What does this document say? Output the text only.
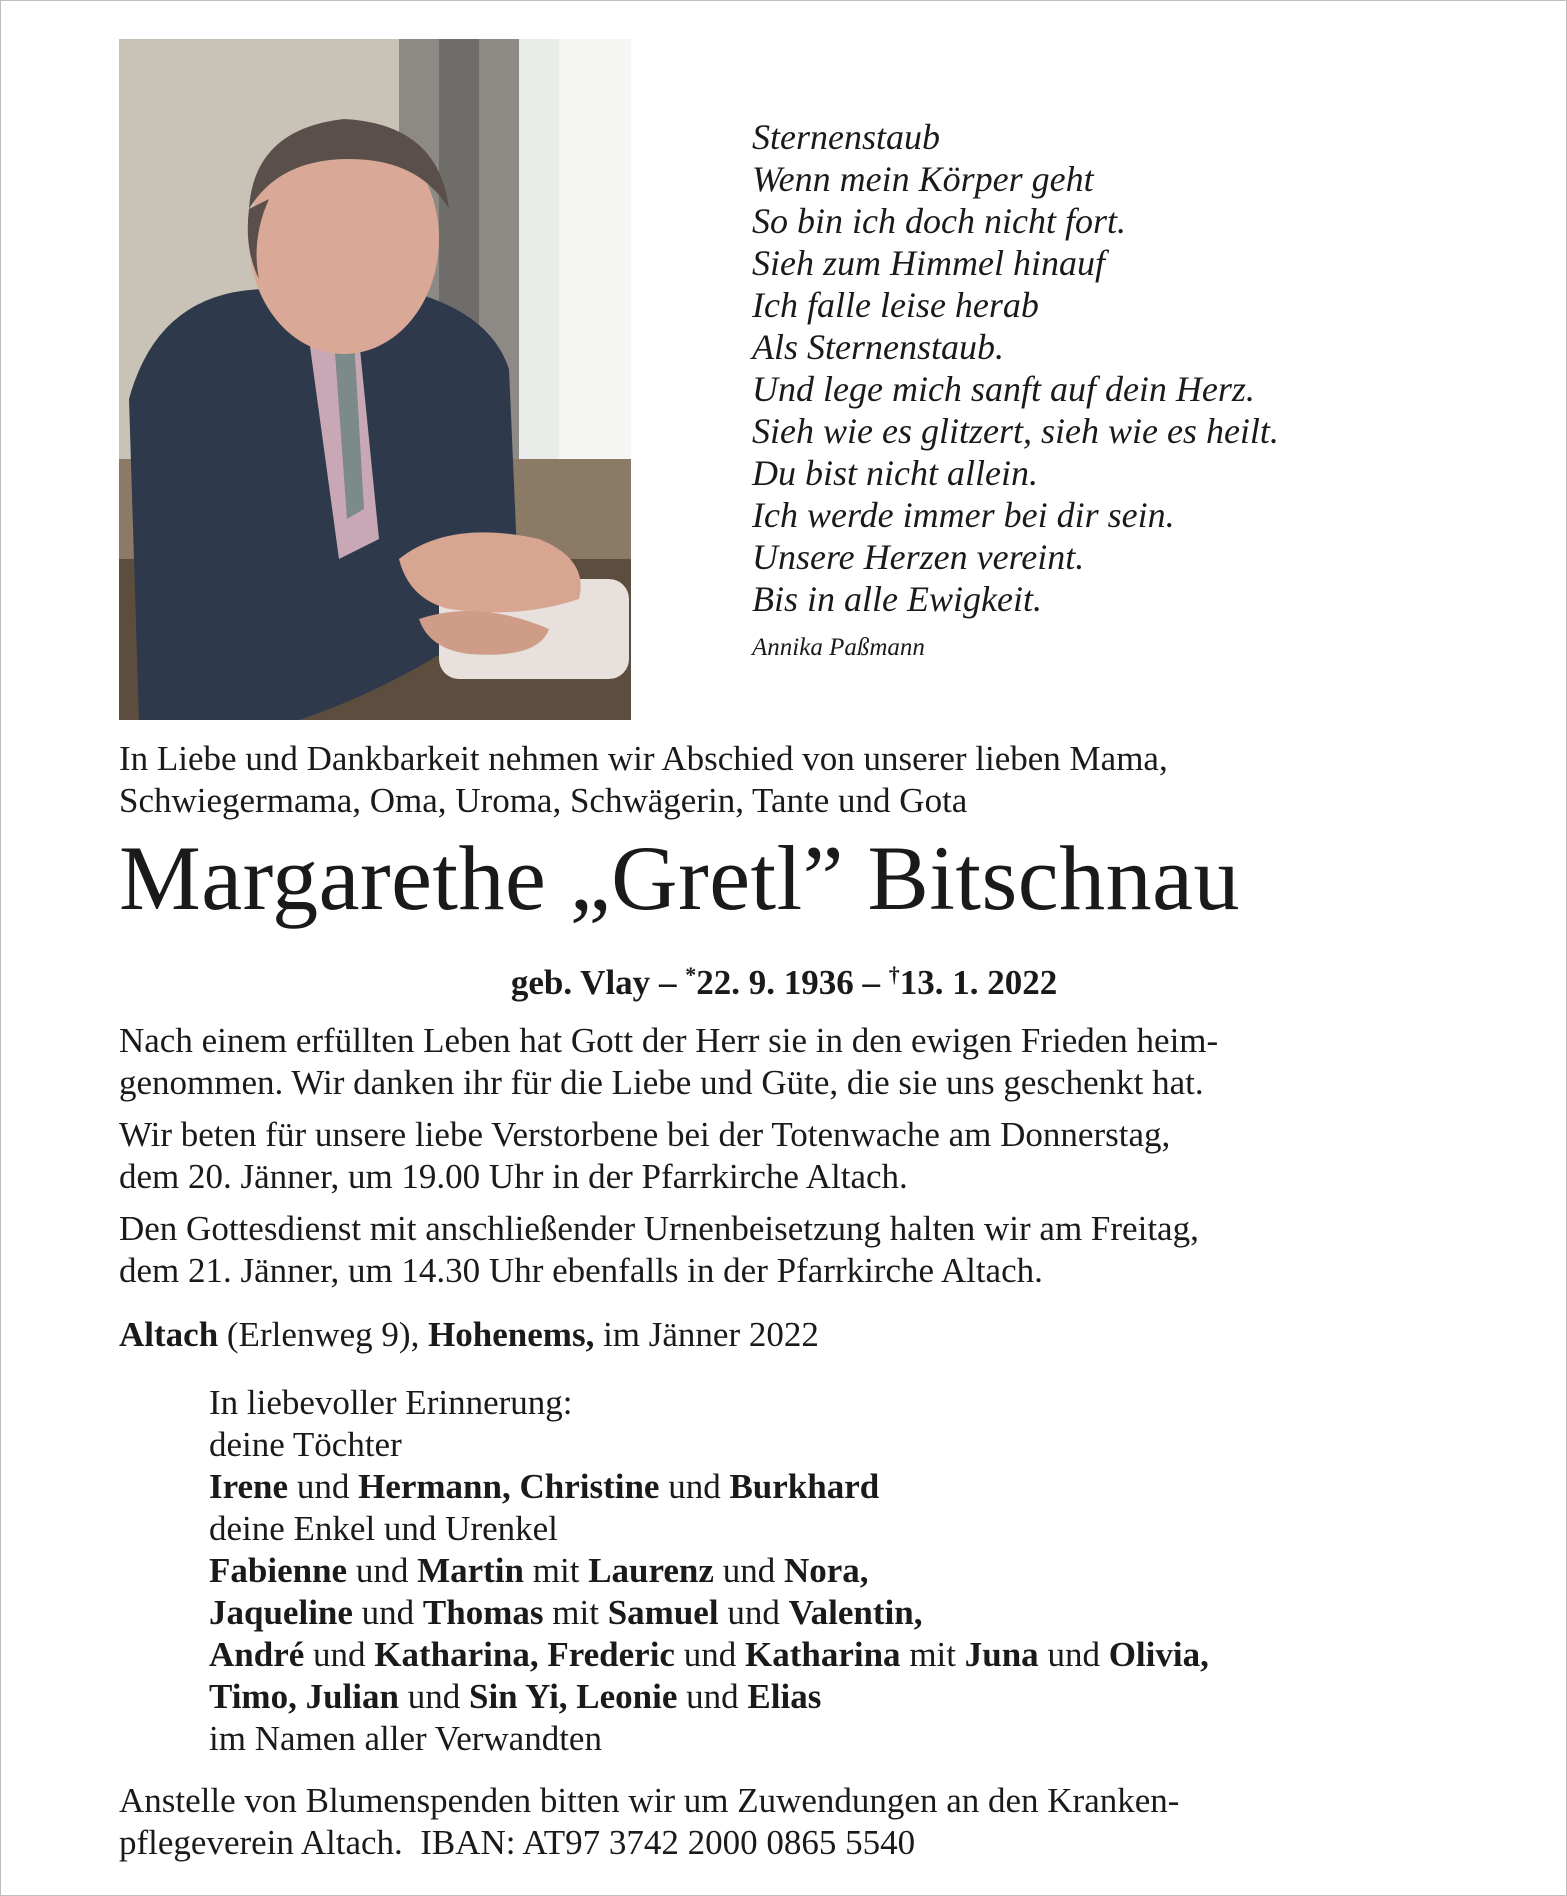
Sternenstaub
Wenn mein Körper geht
So bin ich doch nicht fort.
Sieh zum Himmel hinauf
Ich falle leise herab
Als Sternenstaub.
Und lege mich sanft auf dein Herz.
Sieh wie es glitzert, sieh wie es heilt.
Du bist nicht allein.
Ich werde immer bei dir sein.
Unsere Herzen vereint.
Bis in alle Ewigkeit.
Annika Paßmann
In Liebe und Dankbarkeit nehmen wir Abschied von unserer lieben Mama,
Schwiegermama, Oma, Uroma, Schwägerin, Tante und Gota
Margarethe „Gretl” Bitschnau
geb. Vlay – *22. 9. 1936 – †13. 1. 2022
Nach einem erfüllten Leben hat Gott der Herr sie in den ewigen Frieden heim-
genommen. Wir danken ihr für die Liebe und Güte, die sie uns geschenkt hat.
Wir beten für unsere liebe Verstorbene bei der Totenwache am Donnerstag,
dem 20. Jänner, um 19.00 Uhr in der Pfarrkirche Altach.
Den Gottesdienst mit anschließender Urnenbeisetzung halten wir am Freitag,
dem 21. Jänner, um 14.30 Uhr ebenfalls in der Pfarrkirche Altach.
Altach (Erlenweg 9), Hohenems, im Jänner 2022
In liebevoller Erinnerung:
deine Töchter
Irene und Hermann, Christine und Burkhard
deine Enkel und Urenkel
Fabienne und Martin mit Laurenz und Nora,
Jaqueline und Thomas mit Samuel und Valentin,
André und Katharina, Frederic und Katharina mit Juna und Olivia,
Timo, Julian und Sin Yi, Leonie und Elias
im Namen aller Verwandten
Anstelle von Blumenspenden bitten wir um Zuwendungen an den Kranken-
pflegeverein Altach.  IBAN: AT97 3742 2000 0865 5540
